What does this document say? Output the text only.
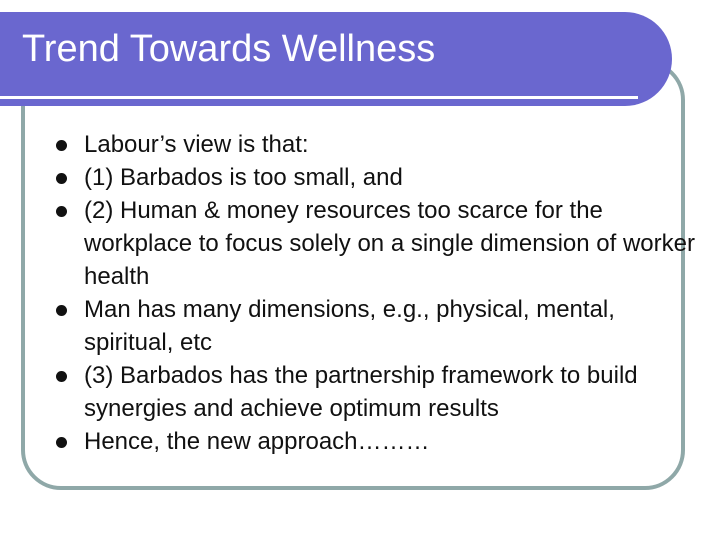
Trend Towards Wellness
Labour’s view is that:
(1) Barbados is too small, and
(2) Human & money resources too scarce for the workplace to focus solely on a single dimension of worker health
Man has many dimensions, e.g., physical, mental, spiritual, etc
(3) Barbados has the partnership framework to build synergies and achieve optimum results
Hence, the new approach………
